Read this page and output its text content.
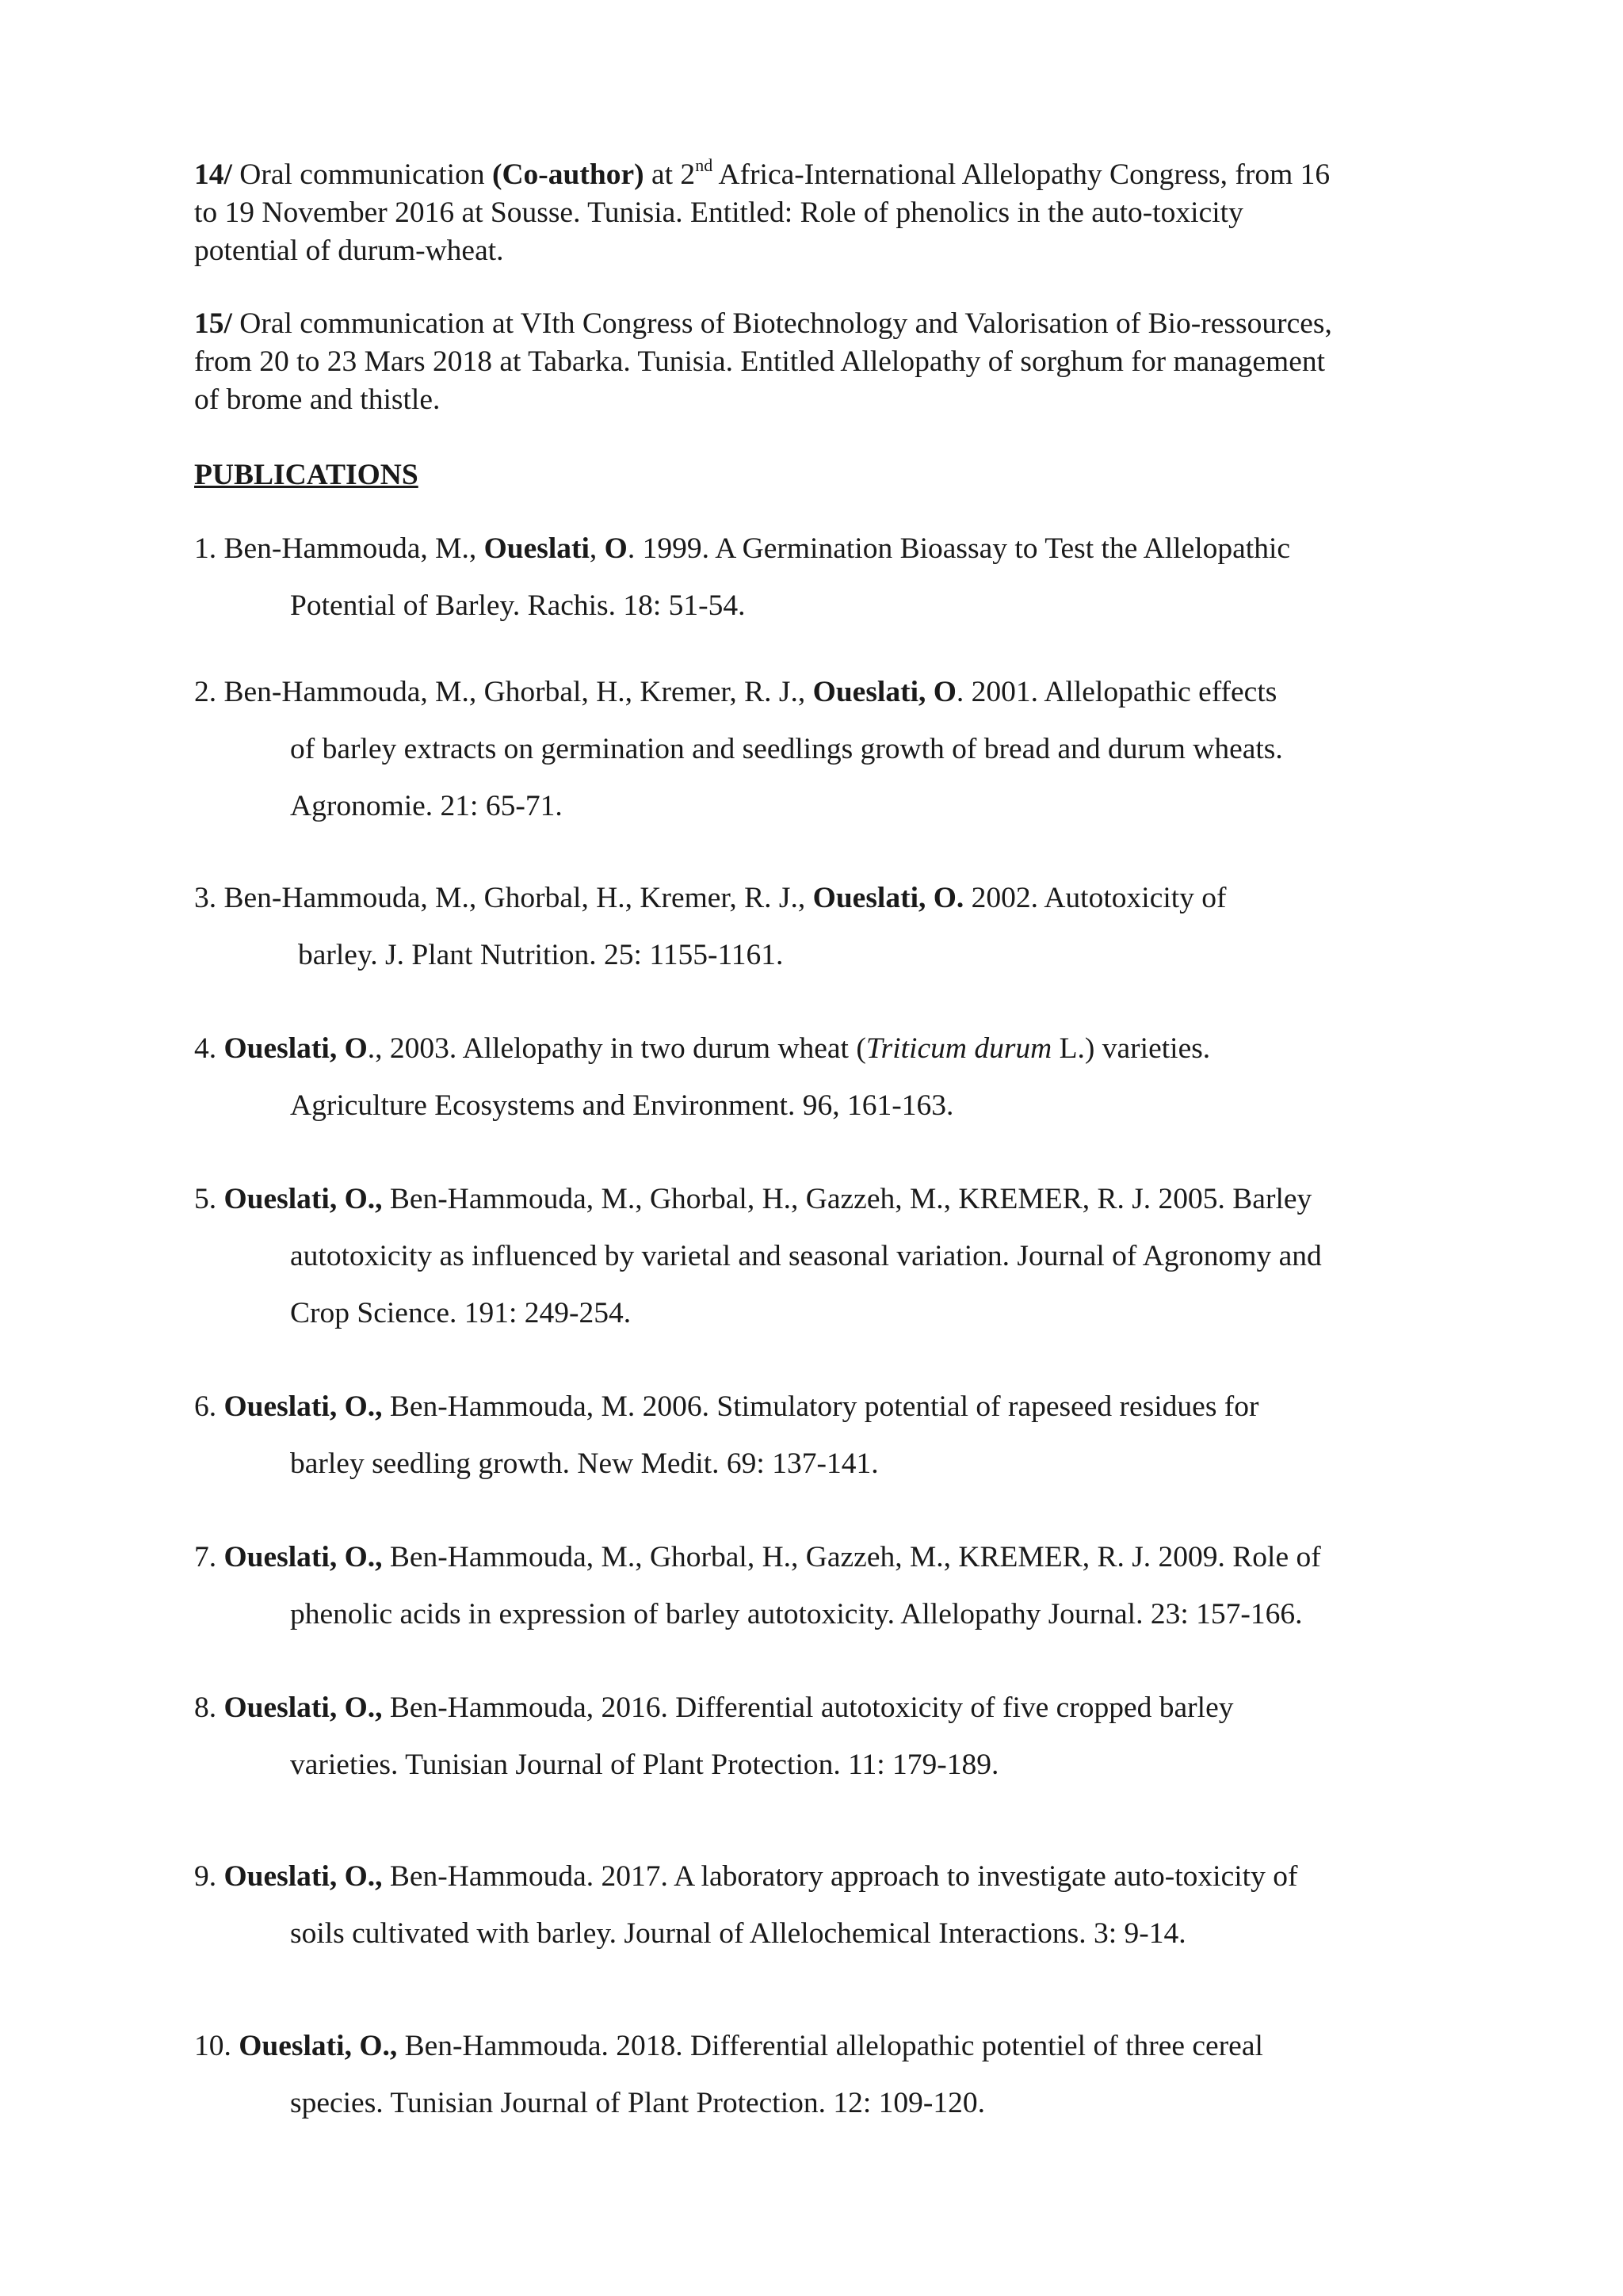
14/ Oral communication (Co-author) at 2nd Africa-International Allelopathy Congress, from 16
to 19 November 2016 at Sousse. Tunisia. Entitled: Role of phenolics in the auto-toxicity
potential of durum-wheat.

15/ Oral communication at VIth Congress of Biotechnology and Valorisation of Bio-ressources,
from 20 to 23 Mars 2018 at Tabarka. Tunisia. Entitled Allelopathy of sorghum for management
of brome and thistle.

PUBLICATIONS

1. Ben-Hammouda, M., Oueslati, O. 1999. A Germination Bioassay to Test the Allelopathic
Potential of Barley. Rachis. 18: 51-54.

2. Ben-Hammouda, M., Ghorbal, H., Kremer, R. J., Oueslati, O. 2001. Allelopathic effects
of barley extracts on germination and seedlings growth of bread and durum wheats.
Agronomie. 21: 65-71.

3. Ben-Hammouda, M., Ghorbal, H., Kremer, R. J., Oueslati, O. 2002. Autotoxicity of
barley. J. Plant Nutrition. 25: 1155-1161.

4. Oueslati, O., 2003. Allelopathy in two durum wheat (Triticum durum L.) varieties.
Agriculture Ecosystems and Environment. 96, 161-163.

5. Oueslati, O., Ben-Hammouda, M., Ghorbal, H., Gazzeh, M., KREMER, R. J. 2005. Barley
autotoxicity as influenced by varietal and seasonal variation. Journal of Agronomy and
Crop Science. 191: 249-254.

6. Oueslati, O., Ben-Hammouda, M. 2006. Stimulatory potential of rapeseed residues for
barley seedling growth. New Medit. 69: 137-141.

7. Oueslati, O., Ben-Hammouda, M., Ghorbal, H., Gazzeh, M., KREMER, R. J. 2009. Role of
phenolic acids in expression of barley autotoxicity. Allelopathy Journal. 23: 157-166.

8. Oueslati, O., Ben-Hammouda, 2016. Differential autotoxicity of five cropped barley
varieties. Tunisian Journal of Plant Protection. 11: 179-189.

9. Oueslati, O., Ben-Hammouda. 2017. A laboratory approach to investigate auto-toxicity of
soils cultivated with barley. Journal of Allelochemical Interactions. 3: 9-14.

10. Oueslati, O., Ben-Hammouda. 2018. Differential allelopathic potentiel of three cereal
species. Tunisian Journal of Plant Protection. 12: 109-120.
